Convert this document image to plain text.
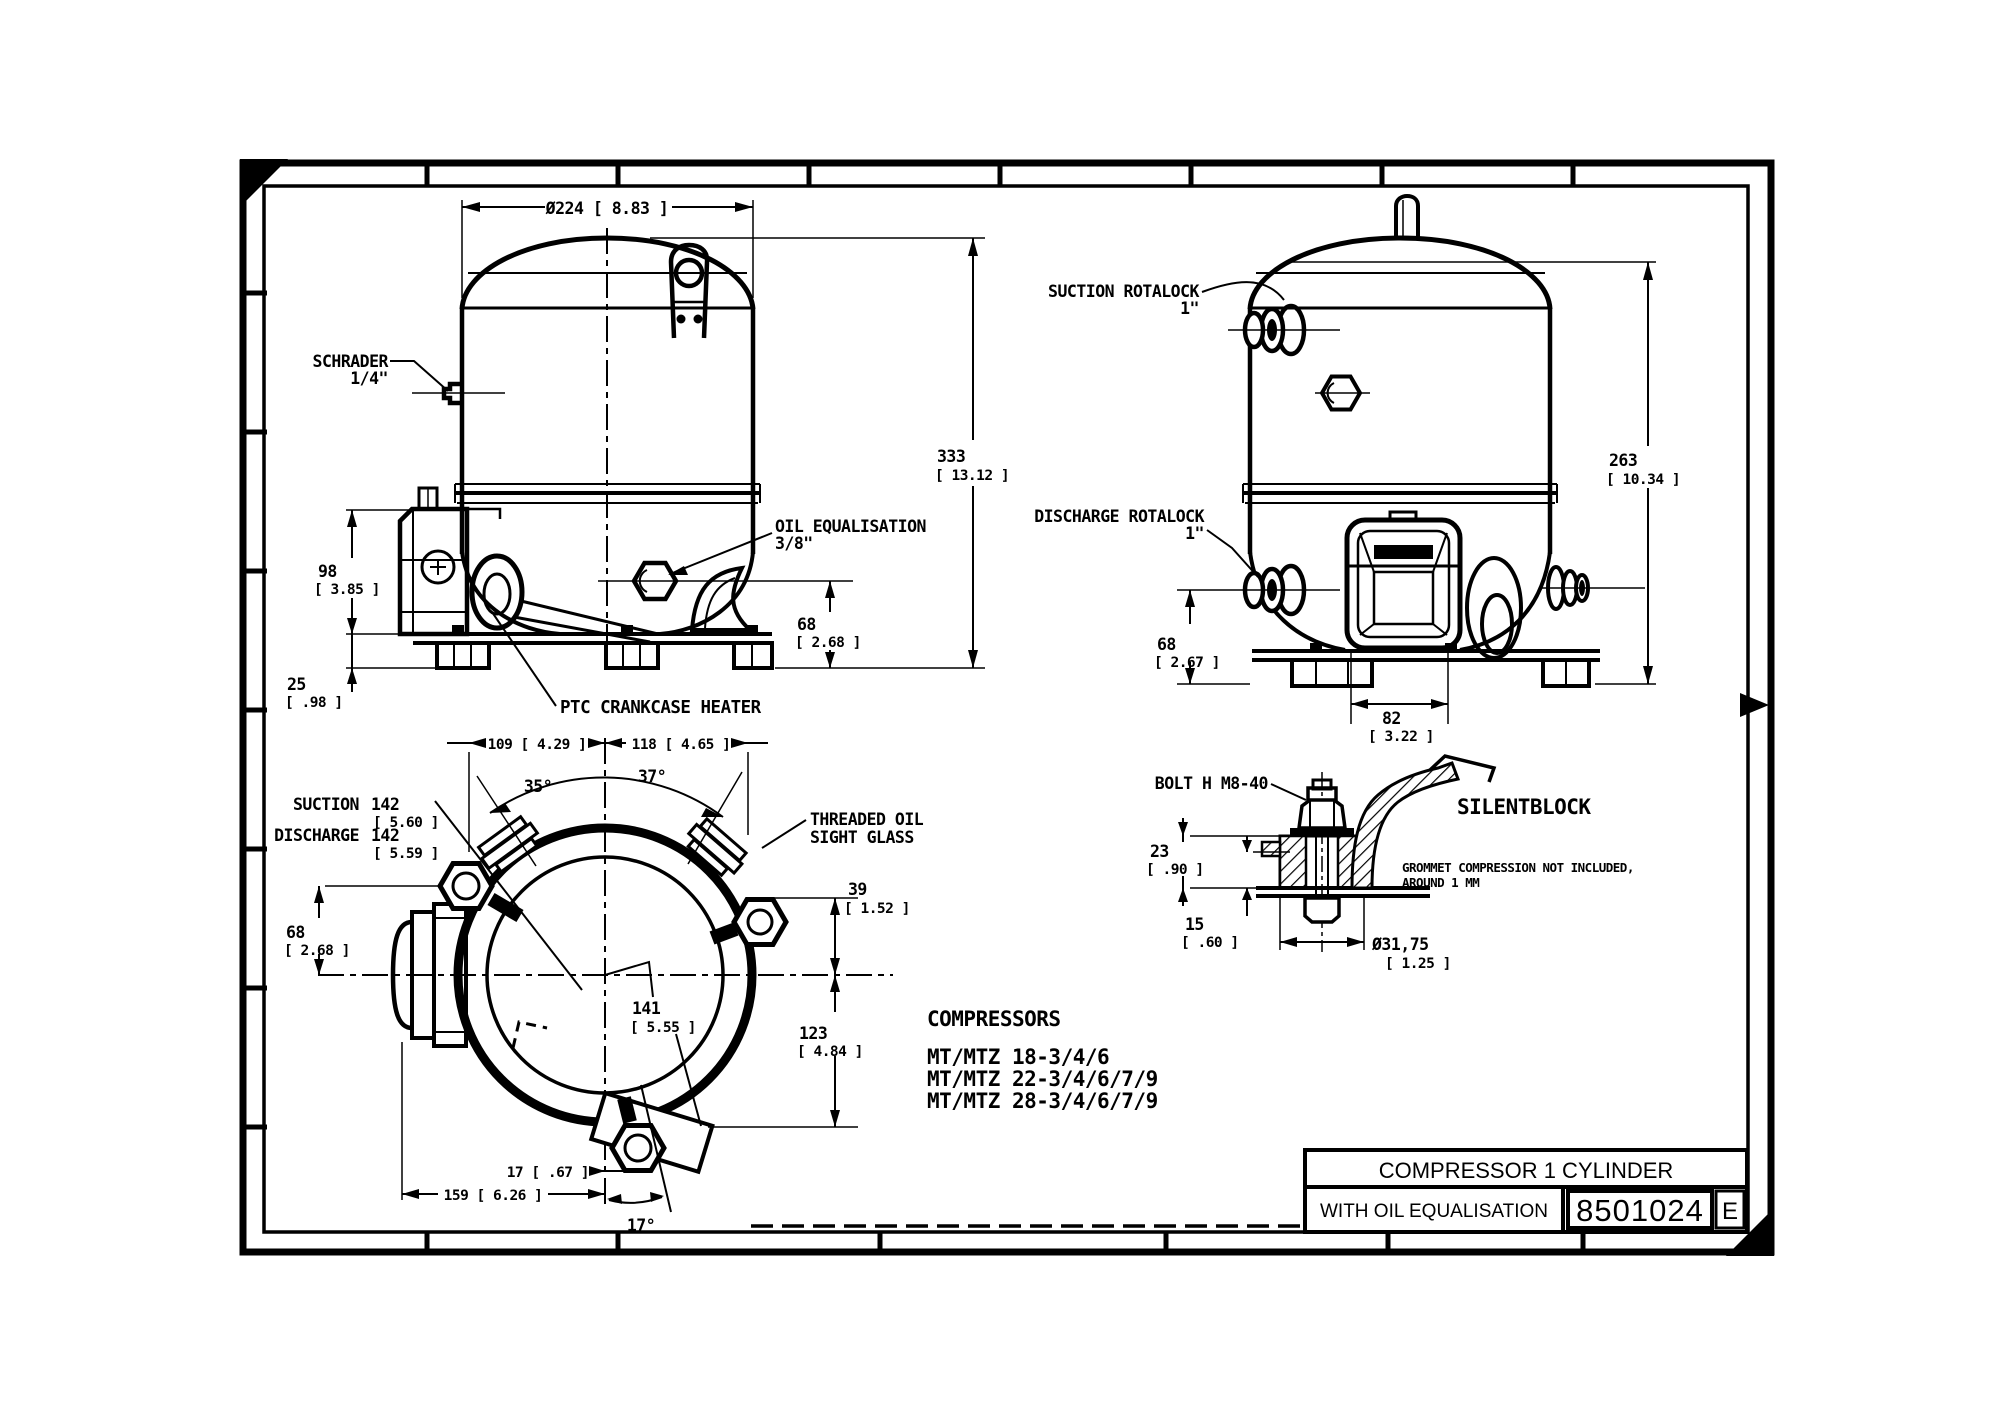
Ø224 [ 8.83 ]
333
[ 13.12 ]
68
[ 2.68 ]
98
[ 3.85 ]
25
[ .98 ]
SCHRADER
1/4"
OIL EQUALISATION
3/8"
PTC CRANKCASE HEATER
SUCTION ROTALOCK
1"
DISCHARGE ROTALOCK
1"
263
[ 10.34 ]
68
[ 2.67 ]
82
[ 3.22 ]
35°
37°
109 [ 4.29 ]	118 [ 4.65 ]
SUCTION 142
[ 5.60 ]
DISCHARGE 142
[ 5.59 ]
THREADED OIL
SIGHT GLASS
68
[ 2.68 ]
39
[ 1.52 ]
123
[ 4.84 ]
141
[ 5.55 ]
159 [ 6.26 ]
17 [ .67 ]
17°
BOLT H M8-40
SILENTBLOCK
GROMMET COMPRESSION NOT INCLUDED,
AROUND 1 MM
23
[ .90 ]
15
[ .60 ]	Ø31,75
[ 1.25 ]
COMPRESSORS
MT/MTZ 18-3/4/6
MT/MTZ 22-3/4/6/7/9
MT/MTZ 28-3/4/6/7/9
COMPRESSOR 1 CYLINDER
WITH OIL EQUALISATION 8501024 E
